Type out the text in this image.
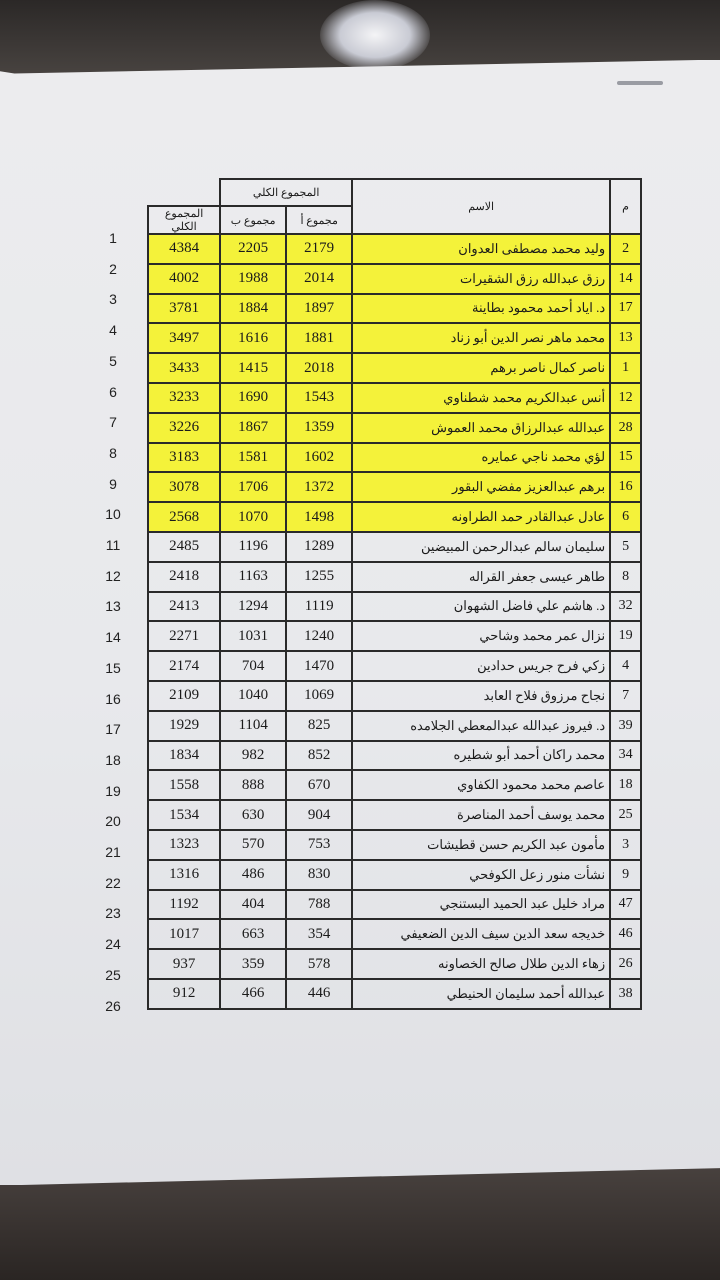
1
2
3
4
5
6
7
8
9
10
11
12
13
14
15
16
17
18
19
20
21
22
23
24
25
26
م	الاسم	المجموع الكلي		
		مجموع أ	مجموع ب	المجموع الكلي
2	وليد محمد مصطفى العدوان	2179	2205	4384
14	رزق عبدالله رزق الشقيرات	2014	1988	4002
17	د. اياد أحمد محمود بطاينة	1897	1884	3781
13	محمد ماهر نصر الدين أبو زناد	1881	1616	3497
1	ناصر كمال ناصر برهم	2018	1415	3433
12	أنس عبدالكريم محمد شطناوي	1543	1690	3233
28	عبدالله عبدالرزاق محمد العموش	1359	1867	3226
15	لؤي محمد ناجي عمايره	1602	1581	3183
16	برهم عبدالعزيز مفضي البقور	1372	1706	3078
6	عادل عبدالقادر حمد الطراونه	1498	1070	2568
5	سليمان سالم عبدالرحمن المبيضين	1289	1196	2485
8	طاهر عيسى جعفر القراله	1255	1163	2418
32	د. هاشم علي فاضل الشهوان	1119	1294	2413
19	نزال عمر محمد وشاحي	1240	1031	2271
4	زكي فرح جريس حدادين	1470	704	2174
7	نجاح مرزوق فلاح العابد	1069	1040	2109
39	د. فيروز عبدالله عبدالمعطي الجلامده	825	1104	1929
34	محمد راكان أحمد أبو شطيره	852	982	1834
18	عاصم محمد محمود الكفاوي	670	888	1558
25	محمد يوسف أحمد المناصرة	904	630	1534
3	مأمون عبد الكريم حسن قطيشات	753	570	1323
9	نشأت منور زعل الكوفحي	830	486	1316
47	مراد خليل عبد الحميد البستنجي	788	404	1192
46	خديجه سعد الدين سيف الدين الضعيفي	354	663	1017
26	زهاء الدين طلال صالح الخصاونه	578	359	937
38	عبدالله أحمد سليمان الحنيطي	446	466	912
